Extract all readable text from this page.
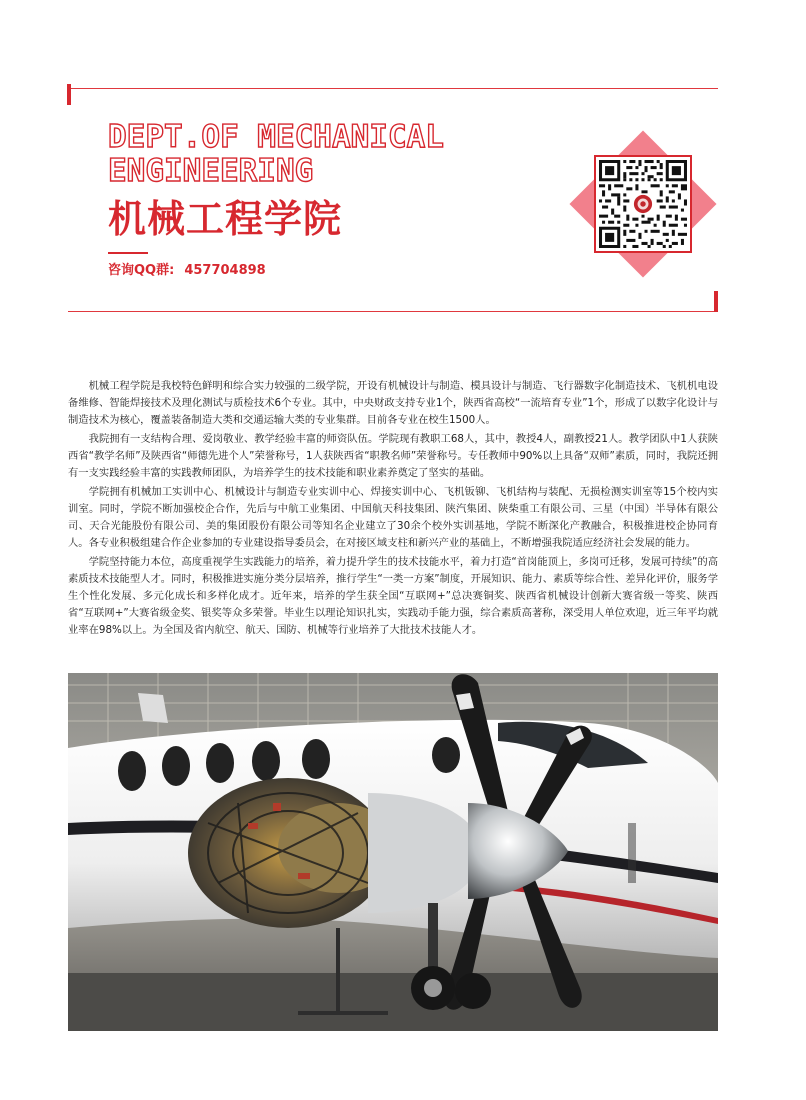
DEPT.OF MECHANICAL
ENGINEERING
机械工程学院
咨询QQ群: 457704898

机械工程学院是我校特色鲜明和综合实力较强的二级学院，开设有机械设计与制造、模具设计与制造、飞行器数字化制造技术、飞机机电设备维修、智能焊接技术及理化测试与质检技术6个专业。其中，中央财政支持专业1个，陕西省高校“一流培育专业”1个，形成了以数字化设计与制造技术为核心，覆盖装备制造大类和交通运输大类的专业集群。目前各专业在校生1500人。

我院拥有一支结构合理、爱岗敬业、教学经验丰富的师资队伍。学院现有教职工68人，其中，教授4人，副教授21人。教学团队中1人获陕西省“教学名师”及陕西省“师德先进个人”荣誉称号，1人获陕西省“职教名师”荣誉称号。专任教师中90%以上具备“双师”素质，同时，我院还拥有一支实践经验丰富的实践教师团队，为培养学生的技术技能和职业素养奠定了坚实的基础。

学院拥有机械加工实训中心、机械设计与制造专业实训中心、焊接实训中心、飞机钣铆、飞机结构与装配、无损检测实训室等15个校内实训室。同时，学院不断加强校企合作，先后与中航工业集团、中国航天科技集团、陕汽集团、陕柴重工有限公司、三星（中国）半导体有限公司、天合光能股份有限公司、美的集团股份有限公司等知名企业建立了30余个校外实训基地，学院不断深化产教融合，积极推进校企协同育人。各专业积极组建合作企业参加的专业建设指导委员会，在对接区域支柱和新兴产业的基础上，不断增强我院适应经济社会发展的能力。

学院坚持能力本位，高度重视学生实践能力的培养，着力提升学生的技术技能水平，着力打造“首岗能顶上，多岗可迁移，发展可持续”的高素质技术技能型人才。同时，积极推进实施分类分层培养，推行学生“一类一方案”制度，开展知识、能力、素质等综合性、差异化评价，服务学生个性化发展、多元化成长和多样化成才。近年来，培养的学生获全国“互联网+”总决赛铜奖、陕西省机械设计创新大赛省级一等奖、陕西省“互联网+”大赛省级金奖、银奖等众多荣誉。毕业生以理论知识扎实，实践动手能力强，综合素质高著称，深受用人单位欢迎，近三年平均就业率在98%以上。为全国及省内航空、航天、国防、机械等行业培养了大批技术技能人才。
